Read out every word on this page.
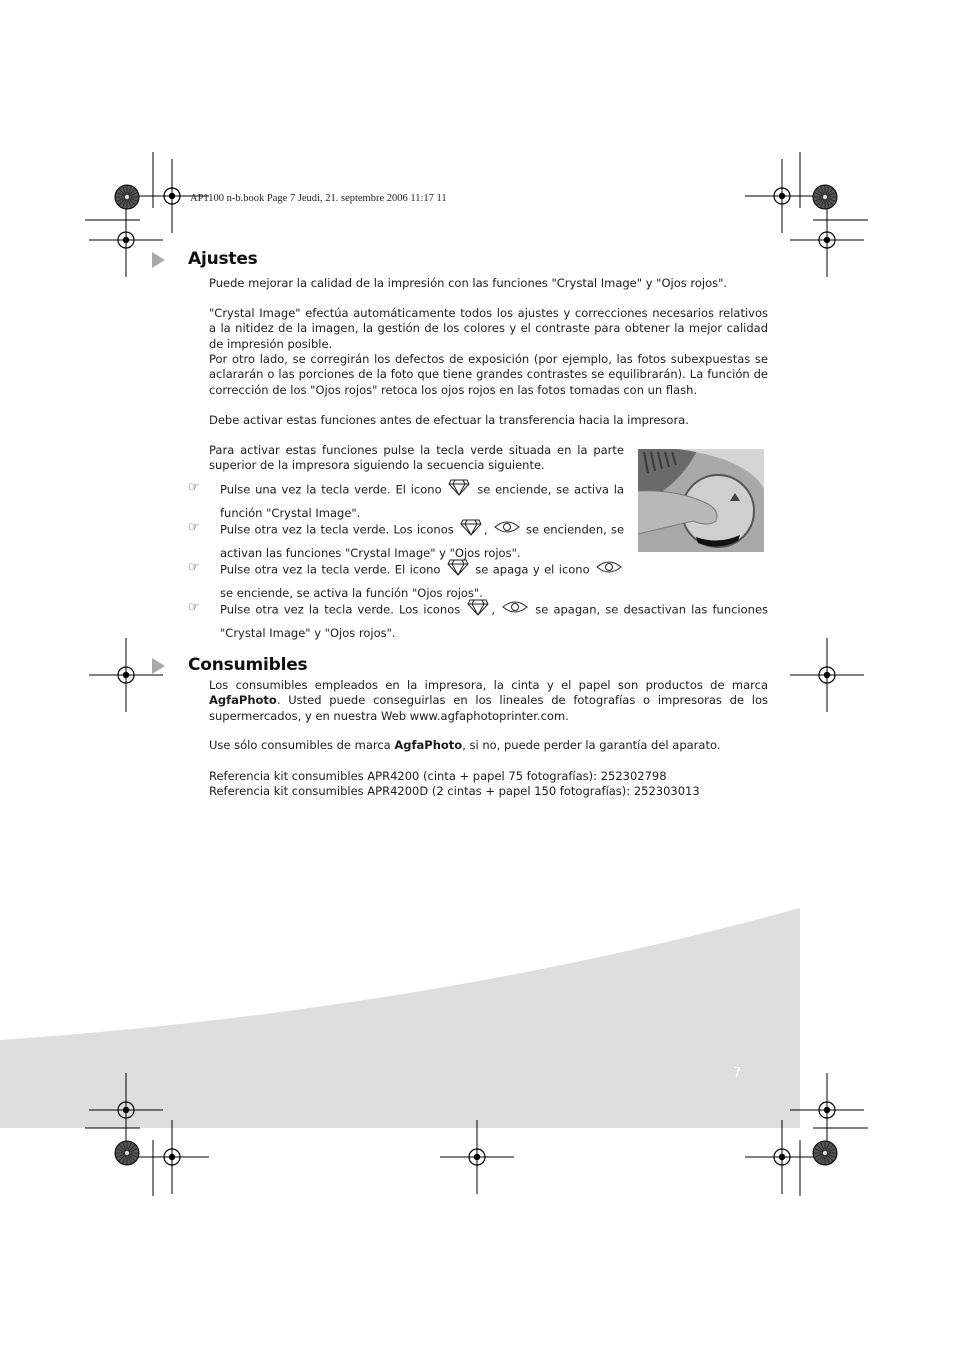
AP1100 n-b.book Page 7 Jeudi, 21. septembre 2006 11:17 11
Ajustes
Puede mejorar la calidad de la impresión con las funciones "Crystal Image" y "Ojos rojos".
"Crystal Image" efectúa automáticamente todos los ajustes y correcciones necesarios relativos a la nitidez de la imagen, la gestión de los colores y el contraste para obtener la mejor calidad de impresión posible.
Por otro lado, se corregirán los defectos de exposición (por ejemplo, las fotos subexpuestas se aclararán o las porciones de la foto que tiene grandes contrastes se equilibrarán). La función de corrección de los "Ojos rojos" retoca los ojos rojos en las fotos tomadas con un flash.
Debe activar estas funciones antes de efectuar la transferencia hacia la impresora.
Para activar estas funciones pulse la tecla verde situada en la parte superior de la impresora siguiendo la secuencia siguiente.
☞ Pulse una vez la tecla verde. El icono	se enciende, se activa la función "Crystal Image".
☞ Pulse otra vez la tecla verde. Los iconos	,	se encienden, se activan las funciones "Crystal Image" y "Ojos rojos".
☞ Pulse otra vez la tecla verde. El icono	se apaga y el icono  se enciende, se activa la función "Ojos rojos".
☞ Pulse otra vez la tecla verde. Los iconos	,	se apagan, se desactivan las funciones "Crystal Image" y "Ojos rojos".
Consumibles
Los consumibles empleados en la impresora, la cinta y el papel son productos de marca AgfaPhoto. Usted puede conseguirlas en los lineales de fotografías o impresoras de los supermercados, y en nuestra Web www.agfaphotoprinter.com.
Use sólo consumibles de marca AgfaPhoto, si no, puede perder la garantía del aparato.
Referencia kit consumibles APR4200 (cinta + papel 75 fotografías): 252302798
Referencia kit consumibles APR4200D (2 cintas + papel 150 fotografías): 252303013
7
